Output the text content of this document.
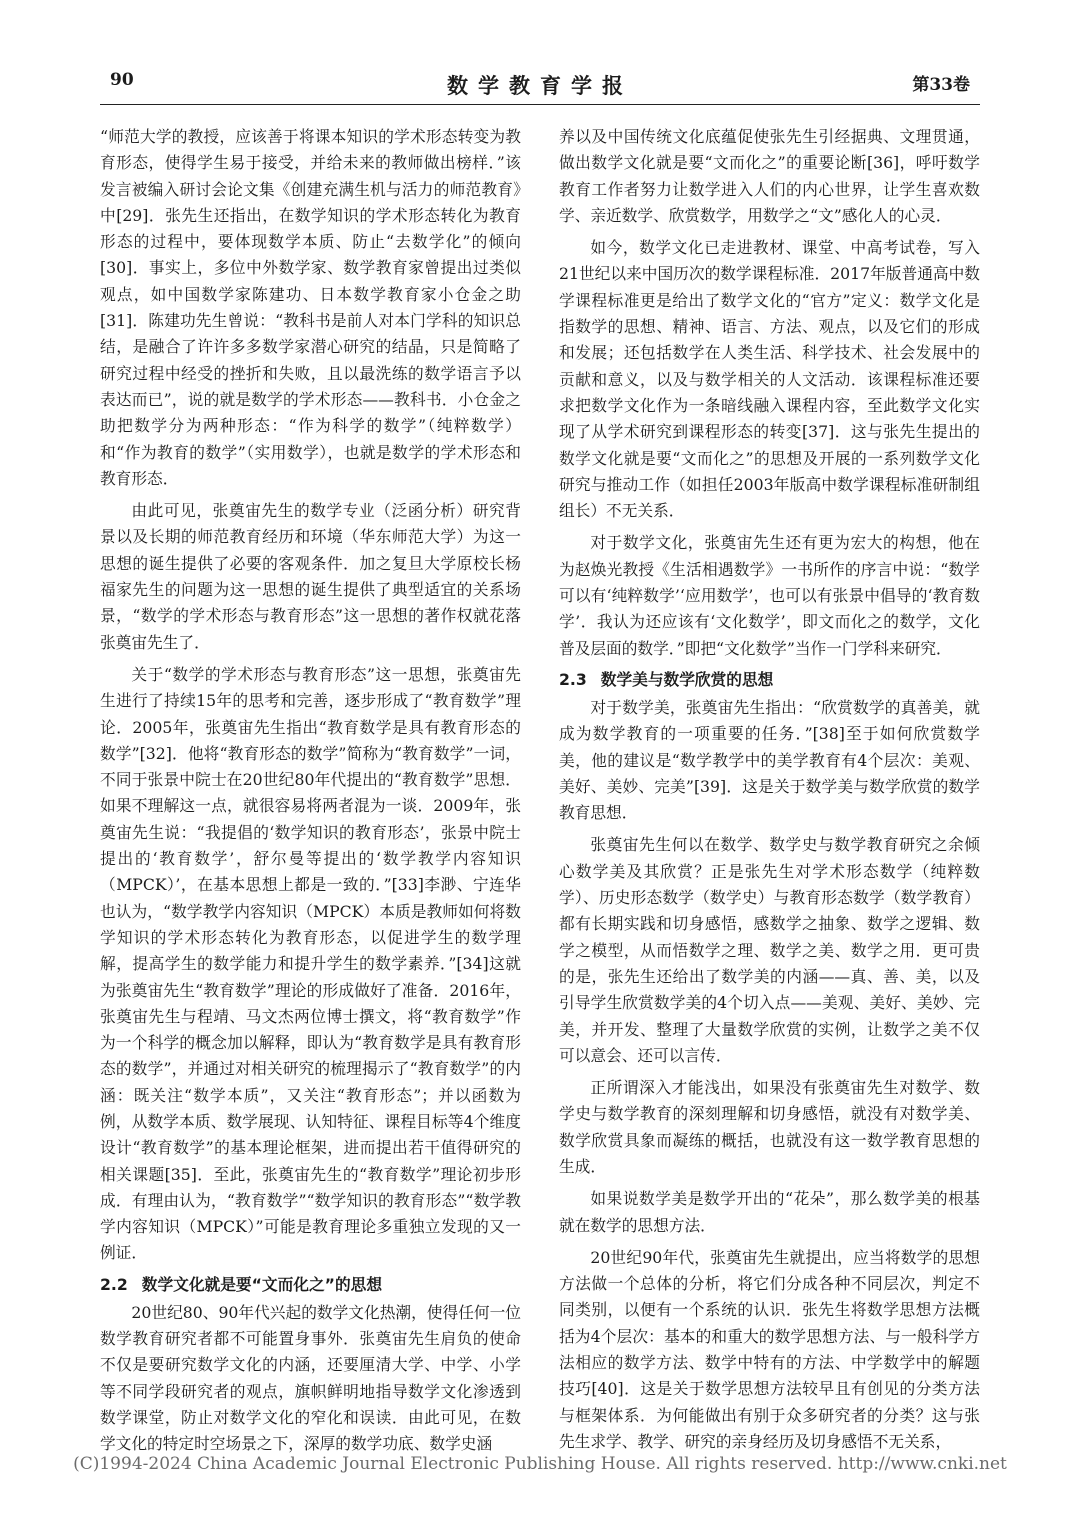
90	数学教育学报	第33卷

“师范大学的教授，应该善于将课本知识的学术形态转变为教育形态，使得学生易于接受，并给未来的教师做出榜样．”该发言被编入研讨会论文集《创建充满生机与活力的师范教育》中[29]．张先生还指出，在数学知识的学术形态转化为教育形态的过程中，要体现数学本质、防止“去数学化”的倾向[30]．事实上，多位中外数学家、数学教育家曾提出过类似观点，如中国数学家陈建功、日本数学教育家小仓金之助[31]．陈建功先生曾说：“教科书是前人对本门学科的知识总结，是融合了许许多多数学家潜心研究的结晶，只是简略了研究过程中经受的挫折和失败，且以最洗练的数学语言予以表达而已”，说的就是数学的学术形态——教科书．小仓金之助把数学分为两种形态：“作为科学的数学”（纯粹数学）和“作为教育的数学”（实用数学），也就是数学的学术形态和教育形态．

由此可见，张奠宙先生的数学专业（泛函分析）研究背景以及长期的师范教育经历和环境（华东师范大学）为这一思想的诞生提供了必要的客观条件．加之复旦大学原校长杨福家先生的问题为这一思想的诞生提供了典型适宜的关系场景，“数学的学术形态与教育形态”这一思想的著作权就花落张奠宙先生了．

关于“数学的学术形态与教育形态”这一思想，张奠宙先生进行了持续15年的思考和完善，逐步形成了“教育数学”理论．2005年，张奠宙先生指出“教育数学是具有教育形态的数学”[32]．他将“教育形态的数学”简称为“教育数学”一词，不同于张景中院士在20世纪80年代提出的“教育数学”思想．如果不理解这一点，就很容易将两者混为一谈．2009年，张奠宙先生说：“我提倡的‘数学知识的教育形态’，张景中院士提出的‘教育数学’，舒尔曼等提出的‘数学教学内容知识（MPCK）’，在基本思想上都是一致的．”[33]李渺、宁连华也认为，“数学教学内容知识（MPCK）本质是教师如何将数学知识的学术形态转化为教育形态，以促进学生的数学理解，提高学生的数学能力和提升学生的数学素养．”[34]这就为张奠宙先生“教育数学”理论的形成做好了准备．2016年，张奠宙先生与程靖、马文杰两位博士撰文，将“教育数学”作为一个科学的概念加以解释，即认为“教育数学是具有教育形态的数学”，并通过对相关研究的梳理揭示了“教育数学”的内涵：既关注“数学本质”，又关注“教育形态”；并以函数为例，从数学本质、数学展现、认知特征、课程目标等4个维度设计“教育数学”的基本理论框架，进而提出若干值得研究的相关课题[35]．至此，张奠宙先生的“教育数学”理论初步形成．有理由认为，“教育数学”“数学知识的教育形态”“数学教学内容知识（MPCK）”可能是教育理论多重独立发现的又一例证．

2.2 数学文化就是要“文而化之”的思想

20世纪80、90年代兴起的数学文化热潮，使得任何一位数学教育研究者都不可能置身事外．张奠宙先生肩负的使命不仅是要研究数学文化的内涵，还要厘清大学、中学、小学等不同学段研究者的观点，旗帜鲜明地指导数学文化渗透到数学课堂，防止对数学文化的窄化和误读．由此可见，在数学文化的特定时空场景之下，深厚的数学功底、数学史涵

养以及中国传统文化底蕴促使张先生引经据典、文理贯通，做出数学文化就是要“文而化之”的重要论断[36]，呼吁数学教育工作者努力让数学进入人们的内心世界，让学生喜欢数学、亲近数学、欣赏数学，用数学之“文”感化人的心灵．

如今，数学文化已走进教材、课堂、中高考试卷，写入21世纪以来中国历次的数学课程标准．2017年版普通高中数学课程标准更是给出了数学文化的“官方”定义：数学文化是指数学的思想、精神、语言、方法、观点，以及它们的形成和发展；还包括数学在人类生活、科学技术、社会发展中的贡献和意义，以及与数学相关的人文活动．该课程标准还要求把数学文化作为一条暗线融入课程内容，至此数学文化实现了从学术研究到课程形态的转变[37]．这与张先生提出的数学文化就是要“文而化之”的思想及开展的一系列数学文化研究与推动工作（如担任2003年版高中数学课程标准研制组组长）不无关系．

对于数学文化，张奠宙先生还有更为宏大的构想，他在为赵焕光教授《生活相遇数学》一书所作的序言中说：“数学可以有‘纯粹数学’‘应用数学’，也可以有张景中倡导的‘教育数学’．我认为还应该有‘文化数学’，即文而化之的数学，文化普及层面的数学．”即把“文化数学”当作一门学科来研究．

2.3 数学美与数学欣赏的思想

对于数学美，张奠宙先生指出：“欣赏数学的真善美，就成为数学教育的一项重要的任务．”[38]至于如何欣赏数学美，他的建议是“数学教学中的美学教育有4个层次：美观、美好、美妙、完美”[39]．这是关于数学美与数学欣赏的数学教育思想．

张奠宙先生何以在数学、数学史与数学教育研究之余倾心数学美及其欣赏？正是张先生对学术形态数学（纯粹数学）、历史形态数学（数学史）与教育形态数学（数学教育）都有长期实践和切身感悟，感数学之抽象、数学之逻辑、数学之模型，从而悟数学之理、数学之美、数学之用．更可贵的是，张先生还给出了数学美的内涵——真、善、美，以及引导学生欣赏数学美的4个切入点——美观、美好、美妙、完美，并开发、整理了大量数学欣赏的实例，让数学之美不仅可以意会、还可以言传．

正所谓深入才能浅出，如果没有张奠宙先生对数学、数学史与数学教育的深刻理解和切身感悟，就没有对数学美、数学欣赏具象而凝练的概括，也就没有这一数学教育思想的生成．

如果说数学美是数学开出的“花朵”，那么数学美的根基就在数学的思想方法．

20世纪90年代，张奠宙先生就提出，应当将数学的思想方法做一个总体的分析，将它们分成各种不同层次，判定不同类别，以便有一个系统的认识．张先生将数学思想方法概括为4个层次：基本的和重大的数学思想方法、与一般科学方法相应的数学方法、数学中特有的方法、中学数学中的解题技巧[40]．这是关于数学思想方法较早且有创见的分类方法与框架体系．为何能做出有别于众多研究者的分类？这与张先生求学、教学、研究的亲身经历及切身感悟不无关系，

(C)1994-2024 China Academic Journal Electronic Publishing House. All rights reserved. http://www.cnki.net
